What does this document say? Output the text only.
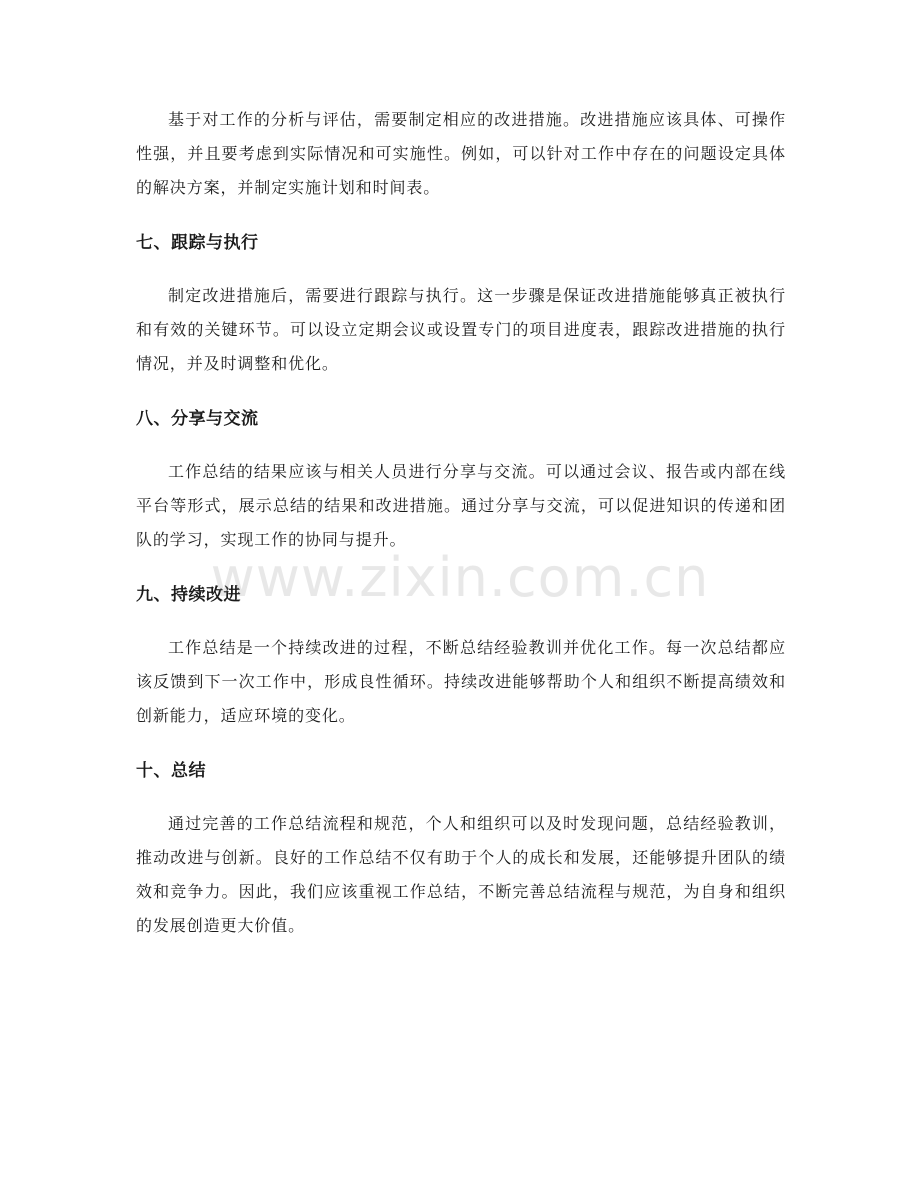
基于对工作的分析与评估，需要制定相应的改进措施。改进措施应该具体、可操作性强，并且要考虑到实际情况和可实施性。例如，可以针对工作中存在的问题设定具体的解决方案，并制定实施计划和时间表。

七、跟踪与执行

制定改进措施后，需要进行跟踪与执行。这一步骤是保证改进措施能够真正被执行和有效的关键环节。可以设立定期会议或设置专门的项目进度表，跟踪改进措施的执行情况，并及时调整和优化。

八、分享与交流

工作总结的结果应该与相关人员进行分享与交流。可以通过会议、报告或内部在线平台等形式，展示总结的结果和改进措施。通过分享与交流，可以促进知识的传递和团队的学习，实现工作的协同与提升。

九、持续改进

工作总结是一个持续改进的过程，不断总结经验教训并优化工作。每一次总结都应该反馈到下一次工作中，形成良性循环。持续改进能够帮助个人和组织不断提高绩效和创新能力，适应环境的变化。

十、总结

通过完善的工作总结流程和规范，个人和组织可以及时发现问题，总结经验教训，推动改进与创新。良好的工作总结不仅有助于个人的成长和发展，还能够提升团队的绩效和竞争力。因此，我们应该重视工作总结，不断完善总结流程与规范，为自身和组织的发展创造更大价值。

www.zixin.com.cn
